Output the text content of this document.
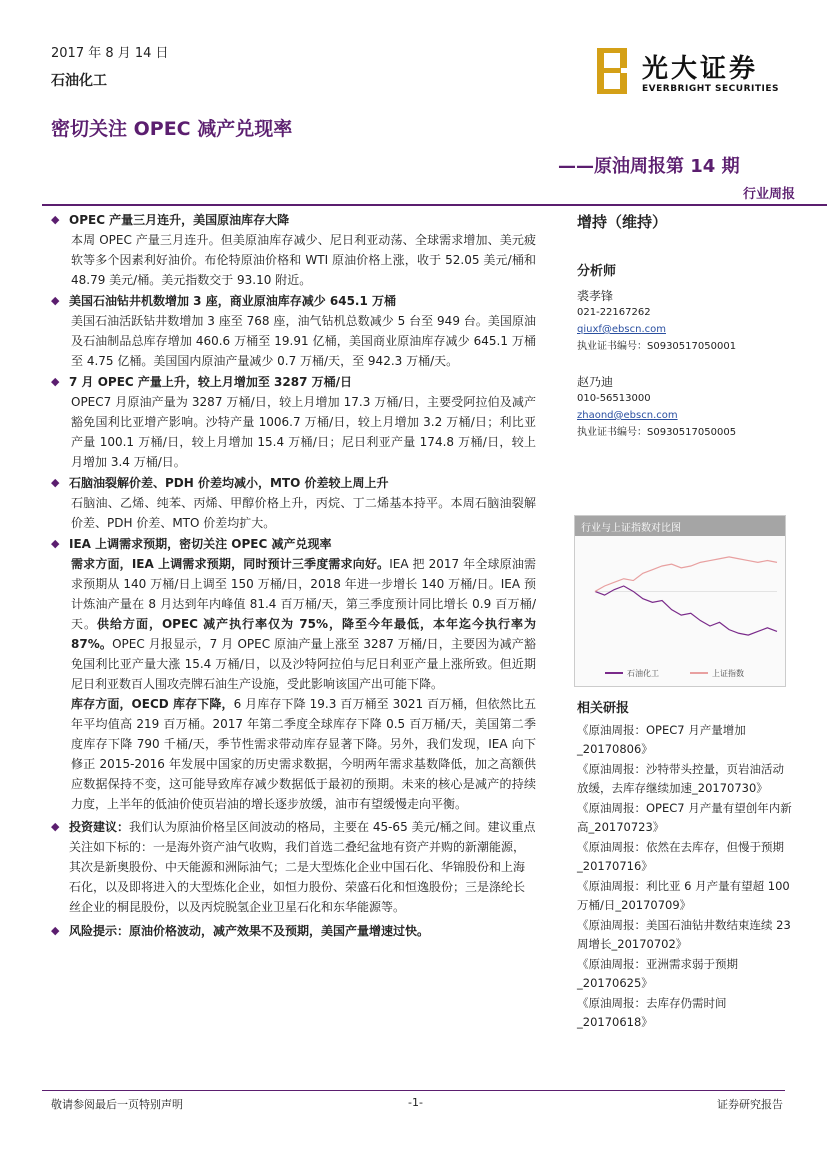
2017 年 8 月 14 日
石油化工
密切关注 OPEC 减产兑现率
——原油周报第 14 期
行业周报
光大证券
EVERBRIGHT SECURITIES
◆ OPEC 产量三月连升，美国原油库存大降
本周 OPEC 产量三月连升。但美原油库存减少、尼日利亚动荡、全球需求增加、美元疲软等多个因素利好油价。布伦特原油价格和 WTI 原油价格上涨，收于 52.05 美元/桶和 48.79 美元/桶。美元指数交于 93.10 附近。
◆ 美国石油钻井机数增加 3 座，商业原油库存减少 645.1 万桶
美国石油活跃钻井数增加 3 座至 768 座，油气钻机总数减少 5 台至 949 台。美国原油及石油制品总库存增加 460.6 万桶至 19.91 亿桶，美国商业原油库存减少 645.1 万桶至 4.75 亿桶。美国国内原油产量减少 0.7 万桶/天，至 942.3 万桶/天。
◆ 7 月 OPEC 产量上升，较上月增加至 3287 万桶/日
OPEC7 月原油产量为 3287 万桶/日，较上月增加 17.3 万桶/日，主要受阿拉伯及减产豁免国利比亚增产影响。沙特产量 1006.7 万桶/日，较上月增加 3.2 万桶/日；利比亚产量 100.1 万桶/日，较上月增加 15.4 万桶/日；尼日利亚产量 174.8 万桶/日，较上月增加 3.4 万桶/日。
◆ 石脑油裂解价差、PDH 价差均减小，MTO 价差较上周上升
石脑油、乙烯、纯苯、丙烯、甲醇价格上升，丙烷、丁二烯基本持平。本周石脑油裂解价差、PDH 价差、MTO 价差均扩大。
◆ IEA 上调需求预期，密切关注 OPEC 减产兑现率
需求方面，IEA 上调需求预期，同时预计三季度需求向好。IEA 把 2017 年全球原油需求预期从 140 万桶/日上调至 150 万桶/日，2018 年进一步增长 140 万桶/日。IEA 预计炼油产量在 8 月达到年内峰值 81.4 百万桶/天，第三季度预计同比增长 0.9 百万桶/天。供给方面，OPEC 减产执行率仅为 75%，降至今年最低，本年迄今执行率为 87%。OPEC 月报显示，7 月 OPEC 原油产量上涨至 3287 万桶/日，主要因为减产豁免国利比亚产量大涨 15.4 万桶/日，以及沙特阿拉伯与尼日利亚产量上涨所致。但近期尼日利亚数百人围攻壳牌石油生产设施，受此影响该国产出可能下降。
库存方面，OECD 库存下降，6 月库存下降 19.3 百万桶至 3021 百万桶，但依然比五年平均值高 219 百万桶。2017 年第二季度全球库存下降 0.5 百万桶/天，美国第二季度库存下降 790 千桶/天，季节性需求带动库存显著下降。另外，我们发现，IEA 向下修正 2015-2016 年发展中国家的历史需求数据，今明两年需求基数降低，加之高额供应数据保持不变，这可能导致库存减少数据低于最初的预期。未来的核心是减产的持续力度，上半年的低油价使页岩油的增长逐步放缓，油市有望缓慢走向平衡。
◆ 投资建议：我们认为原油价格呈区间波动的格局，主要在 45-65 美元/桶之间。建议重点关注如下标的：一是海外资产油气收购，我们首选二叠纪盆地有资产并购的新潮能源，其次是新奥股份、中天能源和洲际油气；二是大型炼化企业中国石化、华锦股份和上海石化，以及即将进入的大型炼化企业，如恒力股份、荣盛石化和恒逸股份；三是涤纶长丝企业的桐昆股份，以及丙烷脱氢企业卫星石化和东华能源等。
◆ 风险提示：原油价格波动，减产效果不及预期，美国产量增速过快。
增持（维持）
分析师
裘孝锋
021-22167262
qiuxf@ebscn.com
执业证书编号：S0930517050001
赵乃迪
010-56513000
zhaond@ebscn.com
执业证书编号：S0930517050005
行业与上证指数对比图
石油化工	上证指数
相关研报
《原油周报：OPEC7 月产量增加_20170806》
《原油周报：沙特带头控量，页岩油活动放缓，去库存继续加速_20170730》
《原油周报：OPEC7 月产量有望创年内新高_20170723》
《原油周报：依然在去库存，但慢于预期_20170716》
《原油周报：利比亚 6 月产量有望超 100 万桶/日_20170709》
《原油周报：美国石油钻井数结束连续 23 周增长_20170702》
《原油周报：亚洲需求弱于预期_20170625》
《原油周报：去库存仍需时间_20170618》
敬请参阅最后一页特别声明	-1-	证券研究报告
